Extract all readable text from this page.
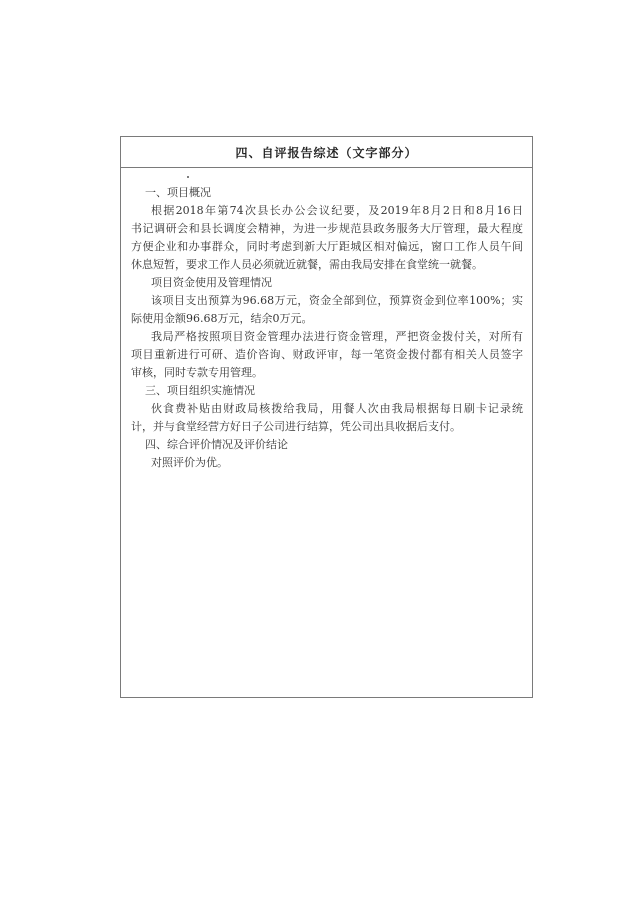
四、自评报告综述（文字部分）
一、项目概况
根据2018年第74次县长办公会议纪要，及2019年8月2日和8月16日
书记调研会和县长调度会精神，为进一步规范县政务服务大厅管理，最大程度
方便企业和办事群众，同时考虑到新大厅距城区相对偏远，窗口工作人员午间
休息短暂，要求工作人员必须就近就餐，需由我局安排在食堂统一就餐。
项目资金使用及管理情况
该项目支出预算为96.68万元，资金全部到位，预算资金到位率100%；实
际使用金额96.68万元，结余0万元。
我局严格按照项目资金管理办法进行资金管理，严把资金拨付关，对所有
项目重新进行可研、造价咨询、财政评审，每一笔资金拨付都有相关人员签字
审核，同时专款专用管理。
三、项目组织实施情况
伙食费补贴由财政局核拨给我局，用餐人次由我局根据每日刷卡记录统
计，并与食堂经营方好日子公司进行结算，凭公司出具收据后支付。
四、综合评价情况及评价结论
对照评价为优。
